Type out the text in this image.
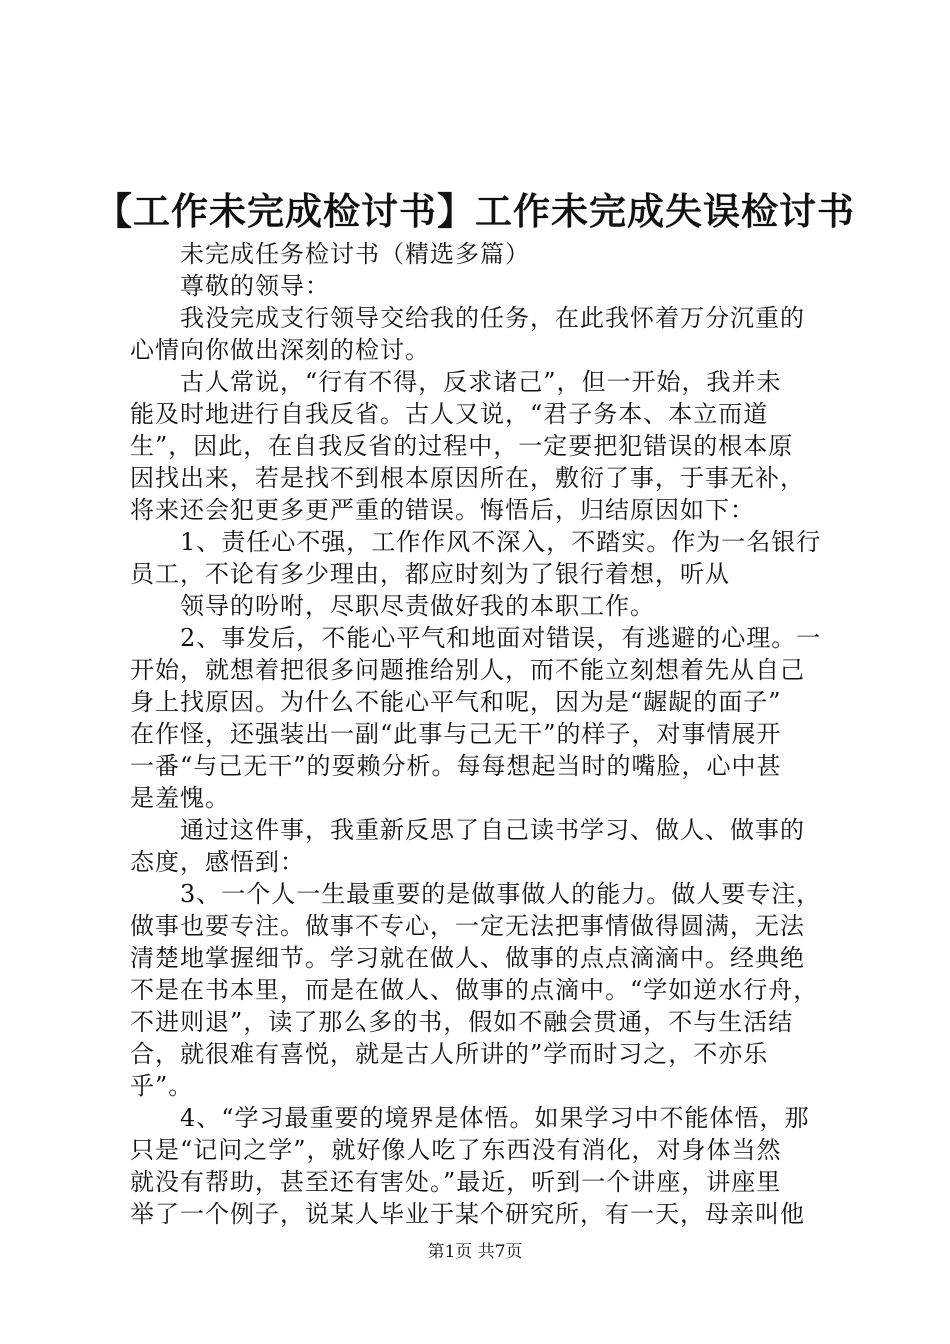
【工作未完成检讨书】工作未完成失误检讨书
未完成任务检讨书（精选多篇）
尊敬的领导：
我没完成支行领导交给我的任务，在此我怀着万分沉重的
心情向你做出深刻的检讨。
古人常说，“行有不得，反求诸己”，但一开始，我并未
能及时地进行自我反省。古人又说，“君子务本、本立而道
生”，因此，在自我反省的过程中，一定要把犯错误的根本原
因找出来，若是找不到根本原因所在，敷衍了事，于事无补，
将来还会犯更多更严重的错误。悔悟后，归结原因如下：
1、责任心不强，工作作风不深入，不踏实。作为一名银行
员工，不论有多少理由，都应时刻为了银行着想，听从
领导的吩咐，尽职尽责做好我的本职工作。
2、事发后，不能心平气和地面对错误，有逃避的心理。一
开始，就想着把很多问题推给别人，而不能立刻想着先从自己
身上找原因。为什么不能心平气和呢，因为是“龌龊的面子”
在作怪，还强装出一副“此事与己无干”的样子，对事情展开
一番“与己无干”的耍赖分析。每每想起当时的嘴脸，心中甚
是羞愧。
通过这件事，我重新反思了自己读书学习、做人、做事的
态度，感悟到：
3、一个人一生最重要的是做事做人的能力。做人要专注，
做事也要专注。做事不专心，一定无法把事情做得圆满，无法
清楚地掌握细节。学习就在做人、做事的点点滴滴中。经典绝
不是在书本里，而是在做人、做事的点滴中。“学如逆水行舟，
不进则退”，读了那么多的书，假如不融会贯通，不与生活结
合，就很难有喜悦，就是古人所讲的”学而时习之，不亦乐
乎”。
4、“学习最重要的境界是体悟。如果学习中不能体悟，那
只是“记问之学”，就好像人吃了东西没有消化，对身体当然
就没有帮助，甚至还有害处。”最近，听到一个讲座，讲座里
举了一个例子，说某人毕业于某个研究所，有一天，母亲叫他
第1页 共7页
